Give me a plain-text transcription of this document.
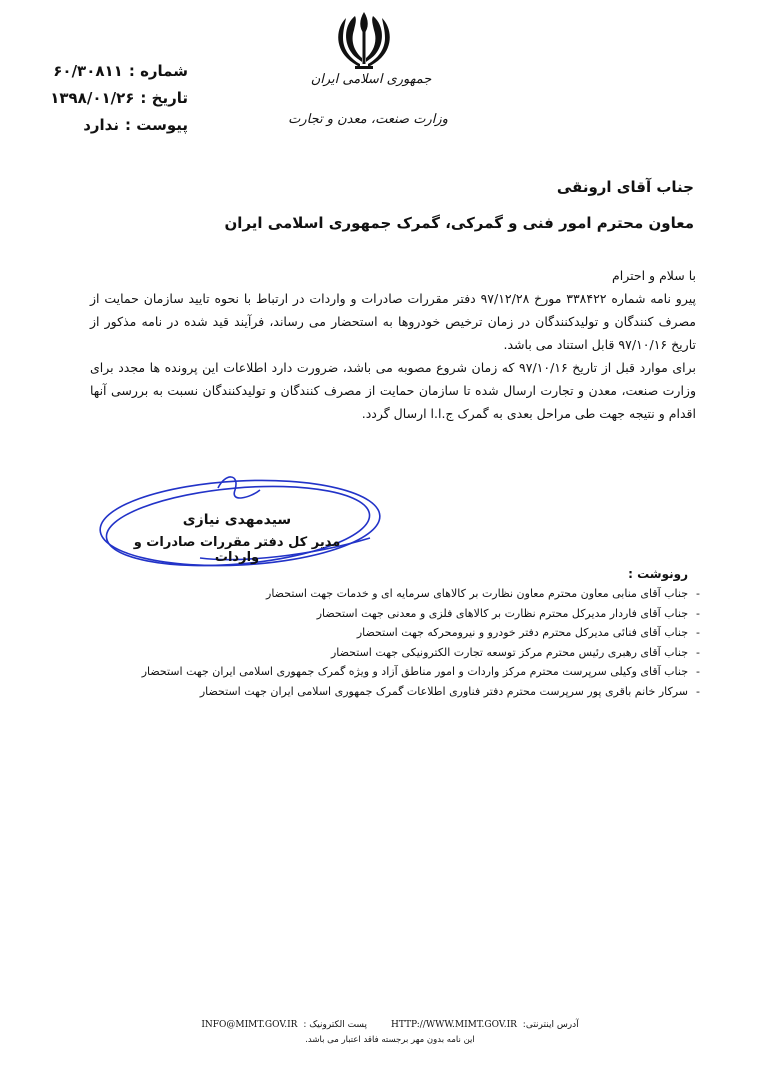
شماره :
۶۰/۳۰۸۱۱
تاریخ :
۱۳۹۸/۰۱/۲۶
پیوست :
ندارد
جمهوری اسلامی ایران
وزارت صنعت، معدن و تجارت
جناب آقای ارونقی
معاون محترم امور فنی و گمرکی، گمرک جمهوری اسلامی ایران

با سلام و احترام

پیرو نامه شماره ۳۳۸۴۲۲ مورخ ۹۷/۱۲/۲۸ دفتر مقررات صادرات و واردات در ارتباط با نحوه تایید سازمان حمایت از مصرف کنندگان و تولیدکنندگان در زمان ترخیص خودروها به استحضار می رساند، فرآیند قید شده در نامه مذکور از تاریخ ۹۷/۱۰/۱۶ قابل استناد می باشد.

برای موارد قبل از تاریخ ۹۷/۱۰/۱۶ که زمان شروع مصوبه می باشد، ضرورت دارد اطلاعات این پرونده ها مجدد برای وزارت صنعت، معدن و تجارت ارسال شده تا سازمان حمایت از مصرف کنندگان و تولیدکنندگان نسبت به بررسی آنها اقدام و نتیجه جهت طی مراحل بعدی به گمرک ج.ا.ا ارسال گردد.

سیدمهدی نیازی
مدیر کل دفتر مقررات صادرات و واردات
رونوشت :
-جناب آقای منابی معاون محترم معاون نظارت بر کالاهای سرمایه ای و خدمات جهت استحضار
-جناب آقای فاردار مدیرکل محترم نظارت بر کالاهای فلزی و معدنی جهت استحضار
-جناب آقای فنائی مدیرکل محترم دفتر خودرو و نیرومحرکه جهت استحضار
-جناب آقای رهبری رئیس محترم مرکز توسعه تجارت الکترونیکی جهت استحضار
-جناب آقای وکیلی سرپرست محترم مرکز واردات و امور مناطق آزاد و ویژه گمرک جمهوری اسلامی ایران جهت استحضار
-سرکار خانم باقری پور سرپرست محترم دفتر فناوری اطلاعات گمرک جمهوری اسلامی ایران جهت استحضار
پست الکترونیک : INFO@MIMT.GOV.IR	آدرس اینترنتی: HTTP://WWW.MIMT.GOV.IR
این نامه بدون مهر برجسته فاقد اعتبار می باشد.
